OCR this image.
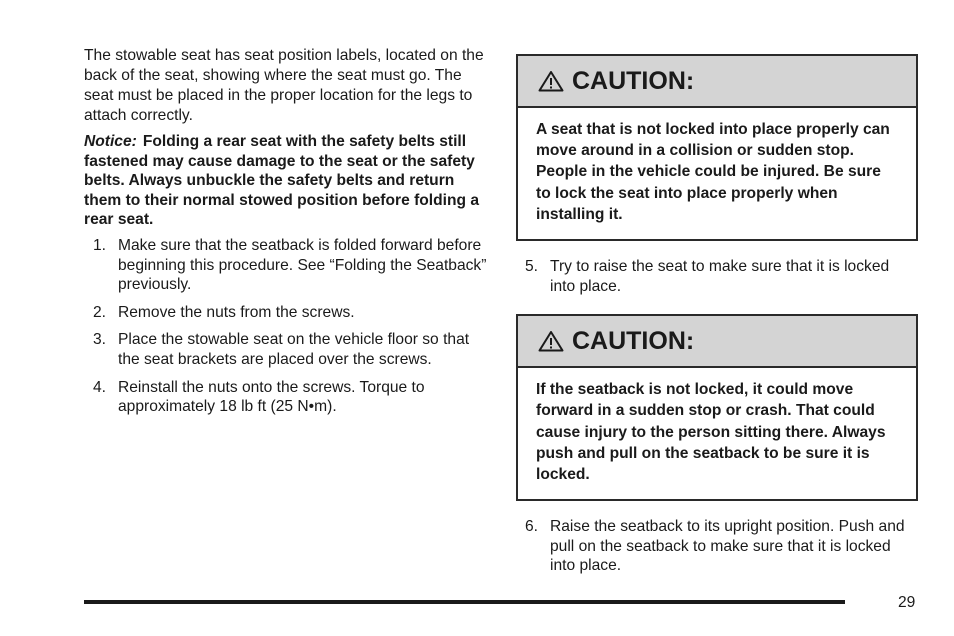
The stowable seat has seat position labels, located on the back of the seat, showing where the seat must go. The seat must be placed in the proper location for the legs to attach correctly.

Notice: Folding a rear seat with the safety belts still fastened may cause damage to the seat or the safety belts. Always unbuckle the safety belts and return them to their normal stowed position before folding a rear seat.

1. Make sure that the seatback is folded forward before beginning this procedure. See “Folding the Seatback” previously.
2. Remove the nuts from the screws.
3. Place the stowable seat on the vehicle floor so that the seat brackets are placed over the screws.
4. Reinstall the nuts onto the screws. Torque to approximately 18 lb ft (25 N•m).
CAUTION:
A seat that is not locked into place properly can move around in a collision or sudden stop. People in the vehicle could be injured. Be sure to lock the seat into place properly when installing it.
5. Try to raise the seat to make sure that it is locked into place.
CAUTION:
If the seatback is not locked, it could move forward in a sudden stop or crash. That could cause injury to the person sitting there. Always push and pull on the seatback to be sure it is locked.
6. Raise the seatback to its upright position. Push and pull on the seatback to make sure that it is locked into place.
29
